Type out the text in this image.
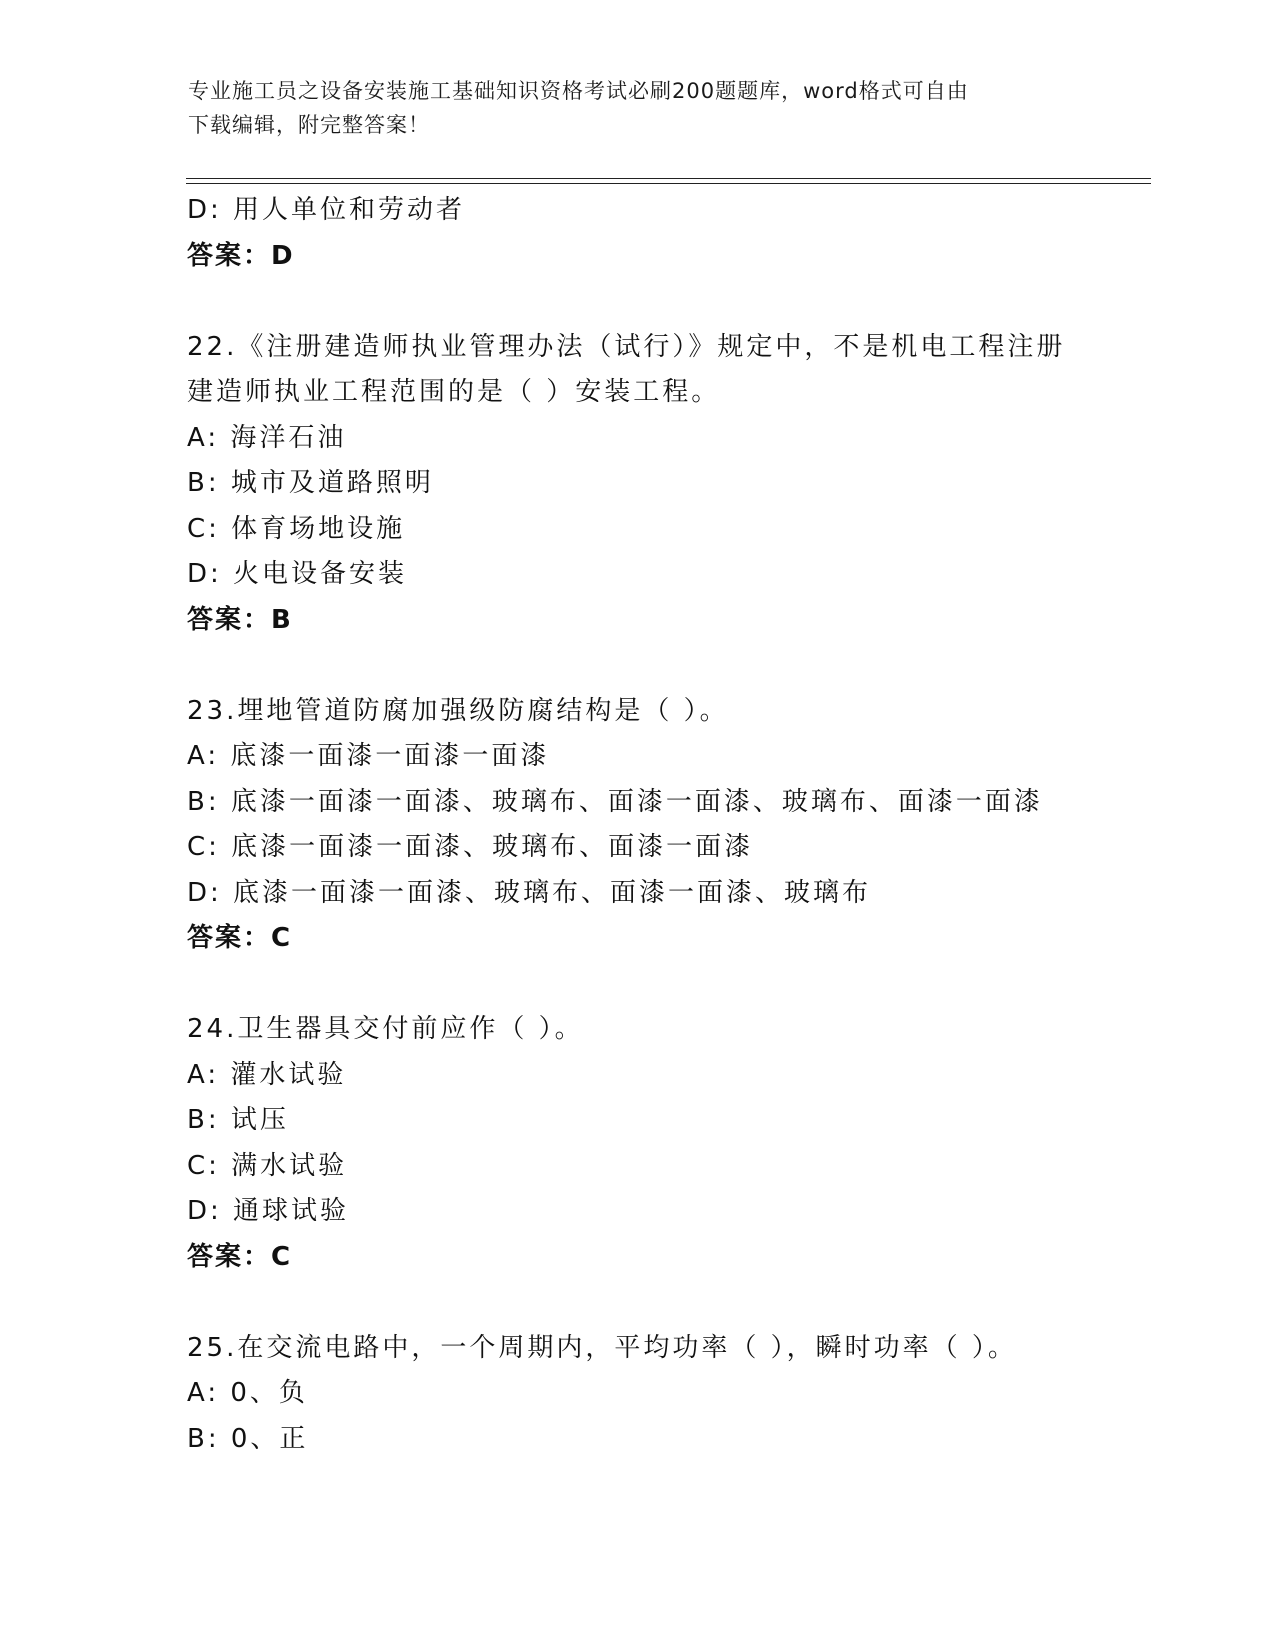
专业施工员之设备安装施工基础知识资格考试必刷200题题库，word格式可自由
下载编辑，附完整答案！
D: 用人单位和劳动者
答案：D
22.《注册建造师执业管理办法（试行）》规定中，不是机电工程注册
建造师执业工程范围的是（ ）安装工程。
A: 海洋石油
B: 城市及道路照明
C: 体育场地设施
D: 火电设备安装
答案：B
23.埋地管道防腐加强级防腐结构是（ ）。
A: 底漆一面漆一面漆一面漆
B: 底漆一面漆一面漆、玻璃布、面漆一面漆、玻璃布、面漆一面漆
C: 底漆一面漆一面漆、玻璃布、面漆一面漆
D: 底漆一面漆一面漆、玻璃布、面漆一面漆、玻璃布
答案：C
24.卫生器具交付前应作（ ）。
A: 灌水试验
B: 试压
C: 满水试验
D: 通球试验
答案：C
25.在交流电路中，一个周期内，平均功率（ ），瞬时功率（ ）。
A: 0、负
B: 0、正
